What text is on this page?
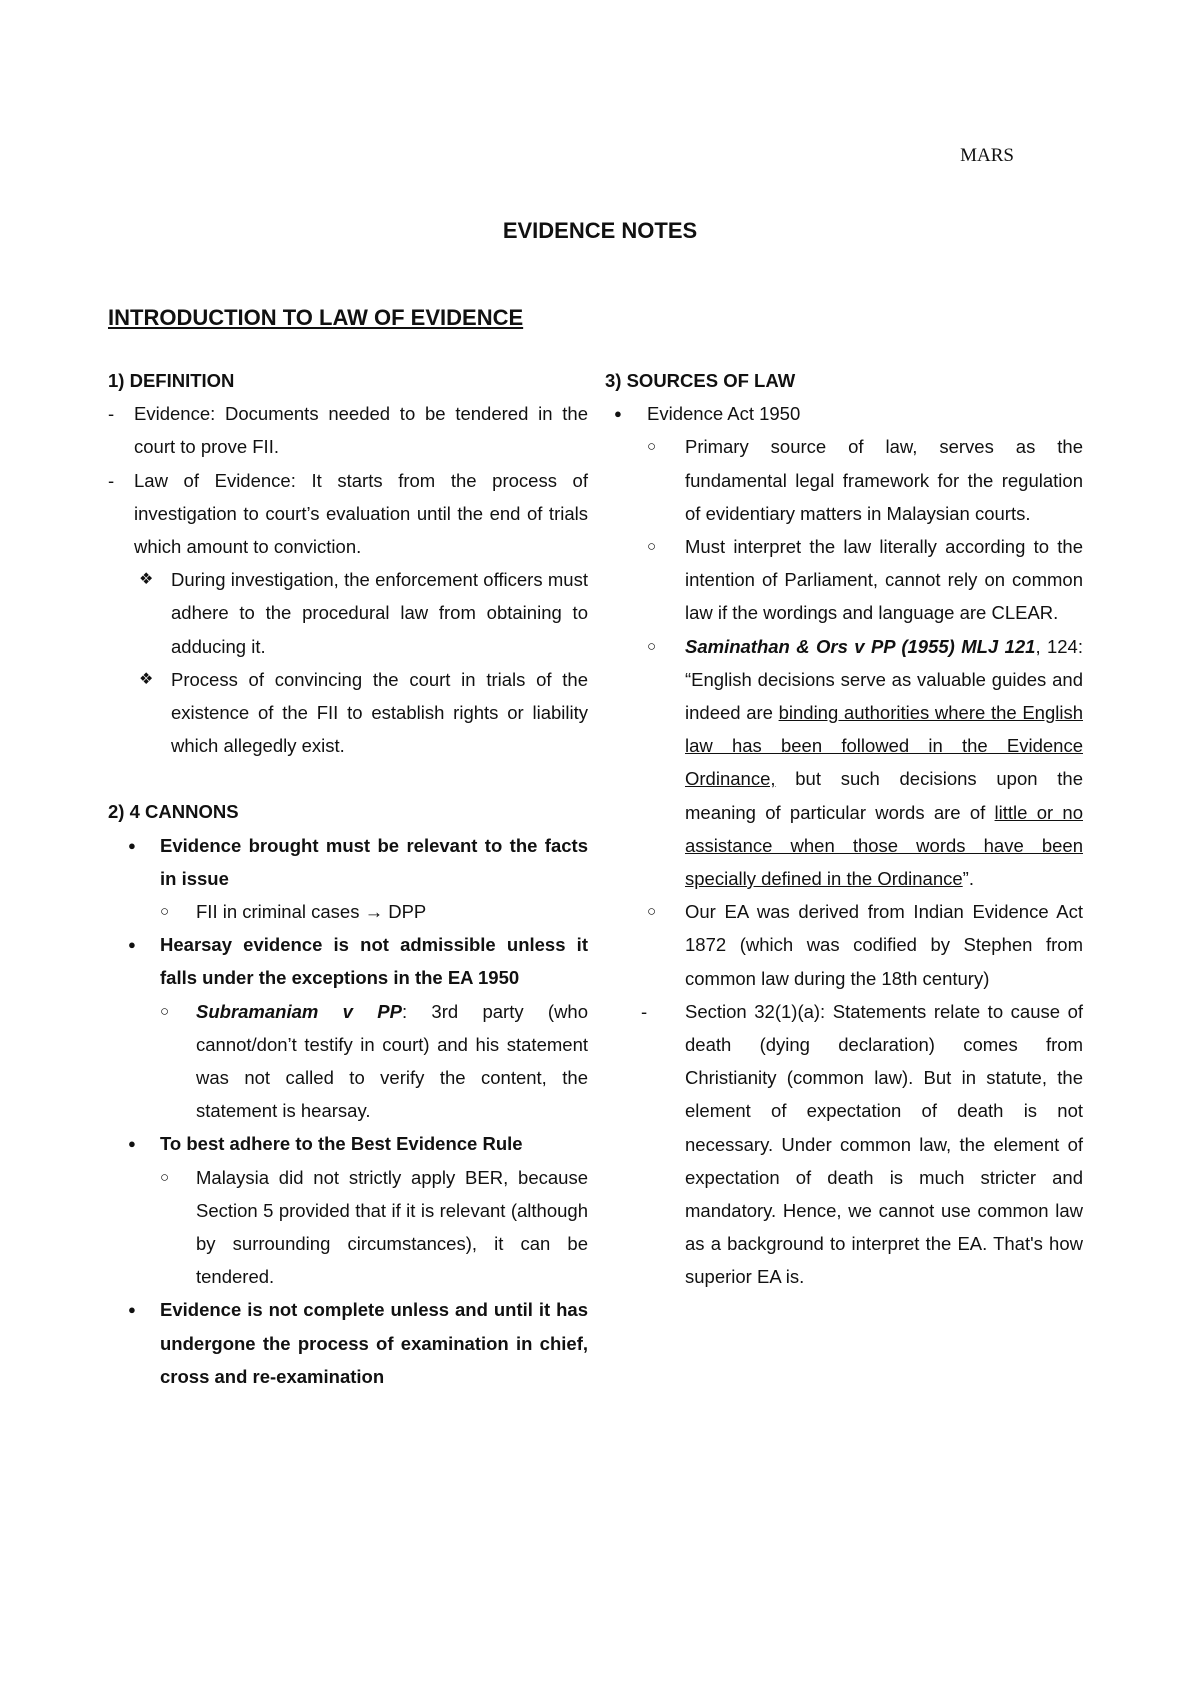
MARS
EVIDENCE NOTES
INTRODUCTION TO LAW OF EVIDENCE

1) DEFINITION

- Evidence: Documents needed to be tendered in the court to prove FII.

- Law of Evidence: It starts from the process of investigation to court’s evaluation until the end of trials which amount to conviction.

❖ During investigation, the enforcement officers must adhere to the procedural law from obtaining to adducing it.

❖ Process of convincing the court in trials of the existence of the FII to establish rights or liability which allegedly exist.

2) 4 CANNONS

● Evidence brought must be relevant to the facts in issue

○ FII in criminal cases → DPP

● Hearsay evidence is not admissible unless it falls under the exceptions in the EA 1950

○ Subramaniam v PP: 3rd party (who cannot/don’t testify in court) and his statement was not called to verify the content, the statement is hearsay.

● To best adhere to the Best Evidence Rule

○ Malaysia did not strictly apply BER, because Section 5 provided that if it is relevant (although by surrounding circumstances), it can be tendered.

● Evidence is not complete unless and until it has undergone the process of examination in chief, cross and re-examination

3) SOURCES OF LAW

● Evidence Act 1950

○ Primary source of law, serves as the fundamental legal framework for the regulation of evidentiary matters in Malaysian courts.

○ Must interpret the law literally according to the intention of Parliament, cannot rely on common law if the wordings and language are CLEAR.

○ Saminathan & Ors v PP (1955) MLJ 121, 124: “English decisions serve as valuable guides and indeed are binding authorities where the English law has been followed in the Evidence Ordinance, but such decisions upon the meaning of particular words are of little or no assistance when those words have been specially defined in the Ordinance”.

○ Our EA was derived from Indian Evidence Act 1872 (which was codified by Stephen from common law during the 18th century)

- Section 32(1)(a): Statements relate to cause of death (dying declaration) comes from Christianity (common law). But in statute, the element of expectation of death is not necessary. Under common law, the element of expectation of death is much stricter and mandatory. Hence, we cannot use common law as a background to interpret the EA. That's how superior EA is.
